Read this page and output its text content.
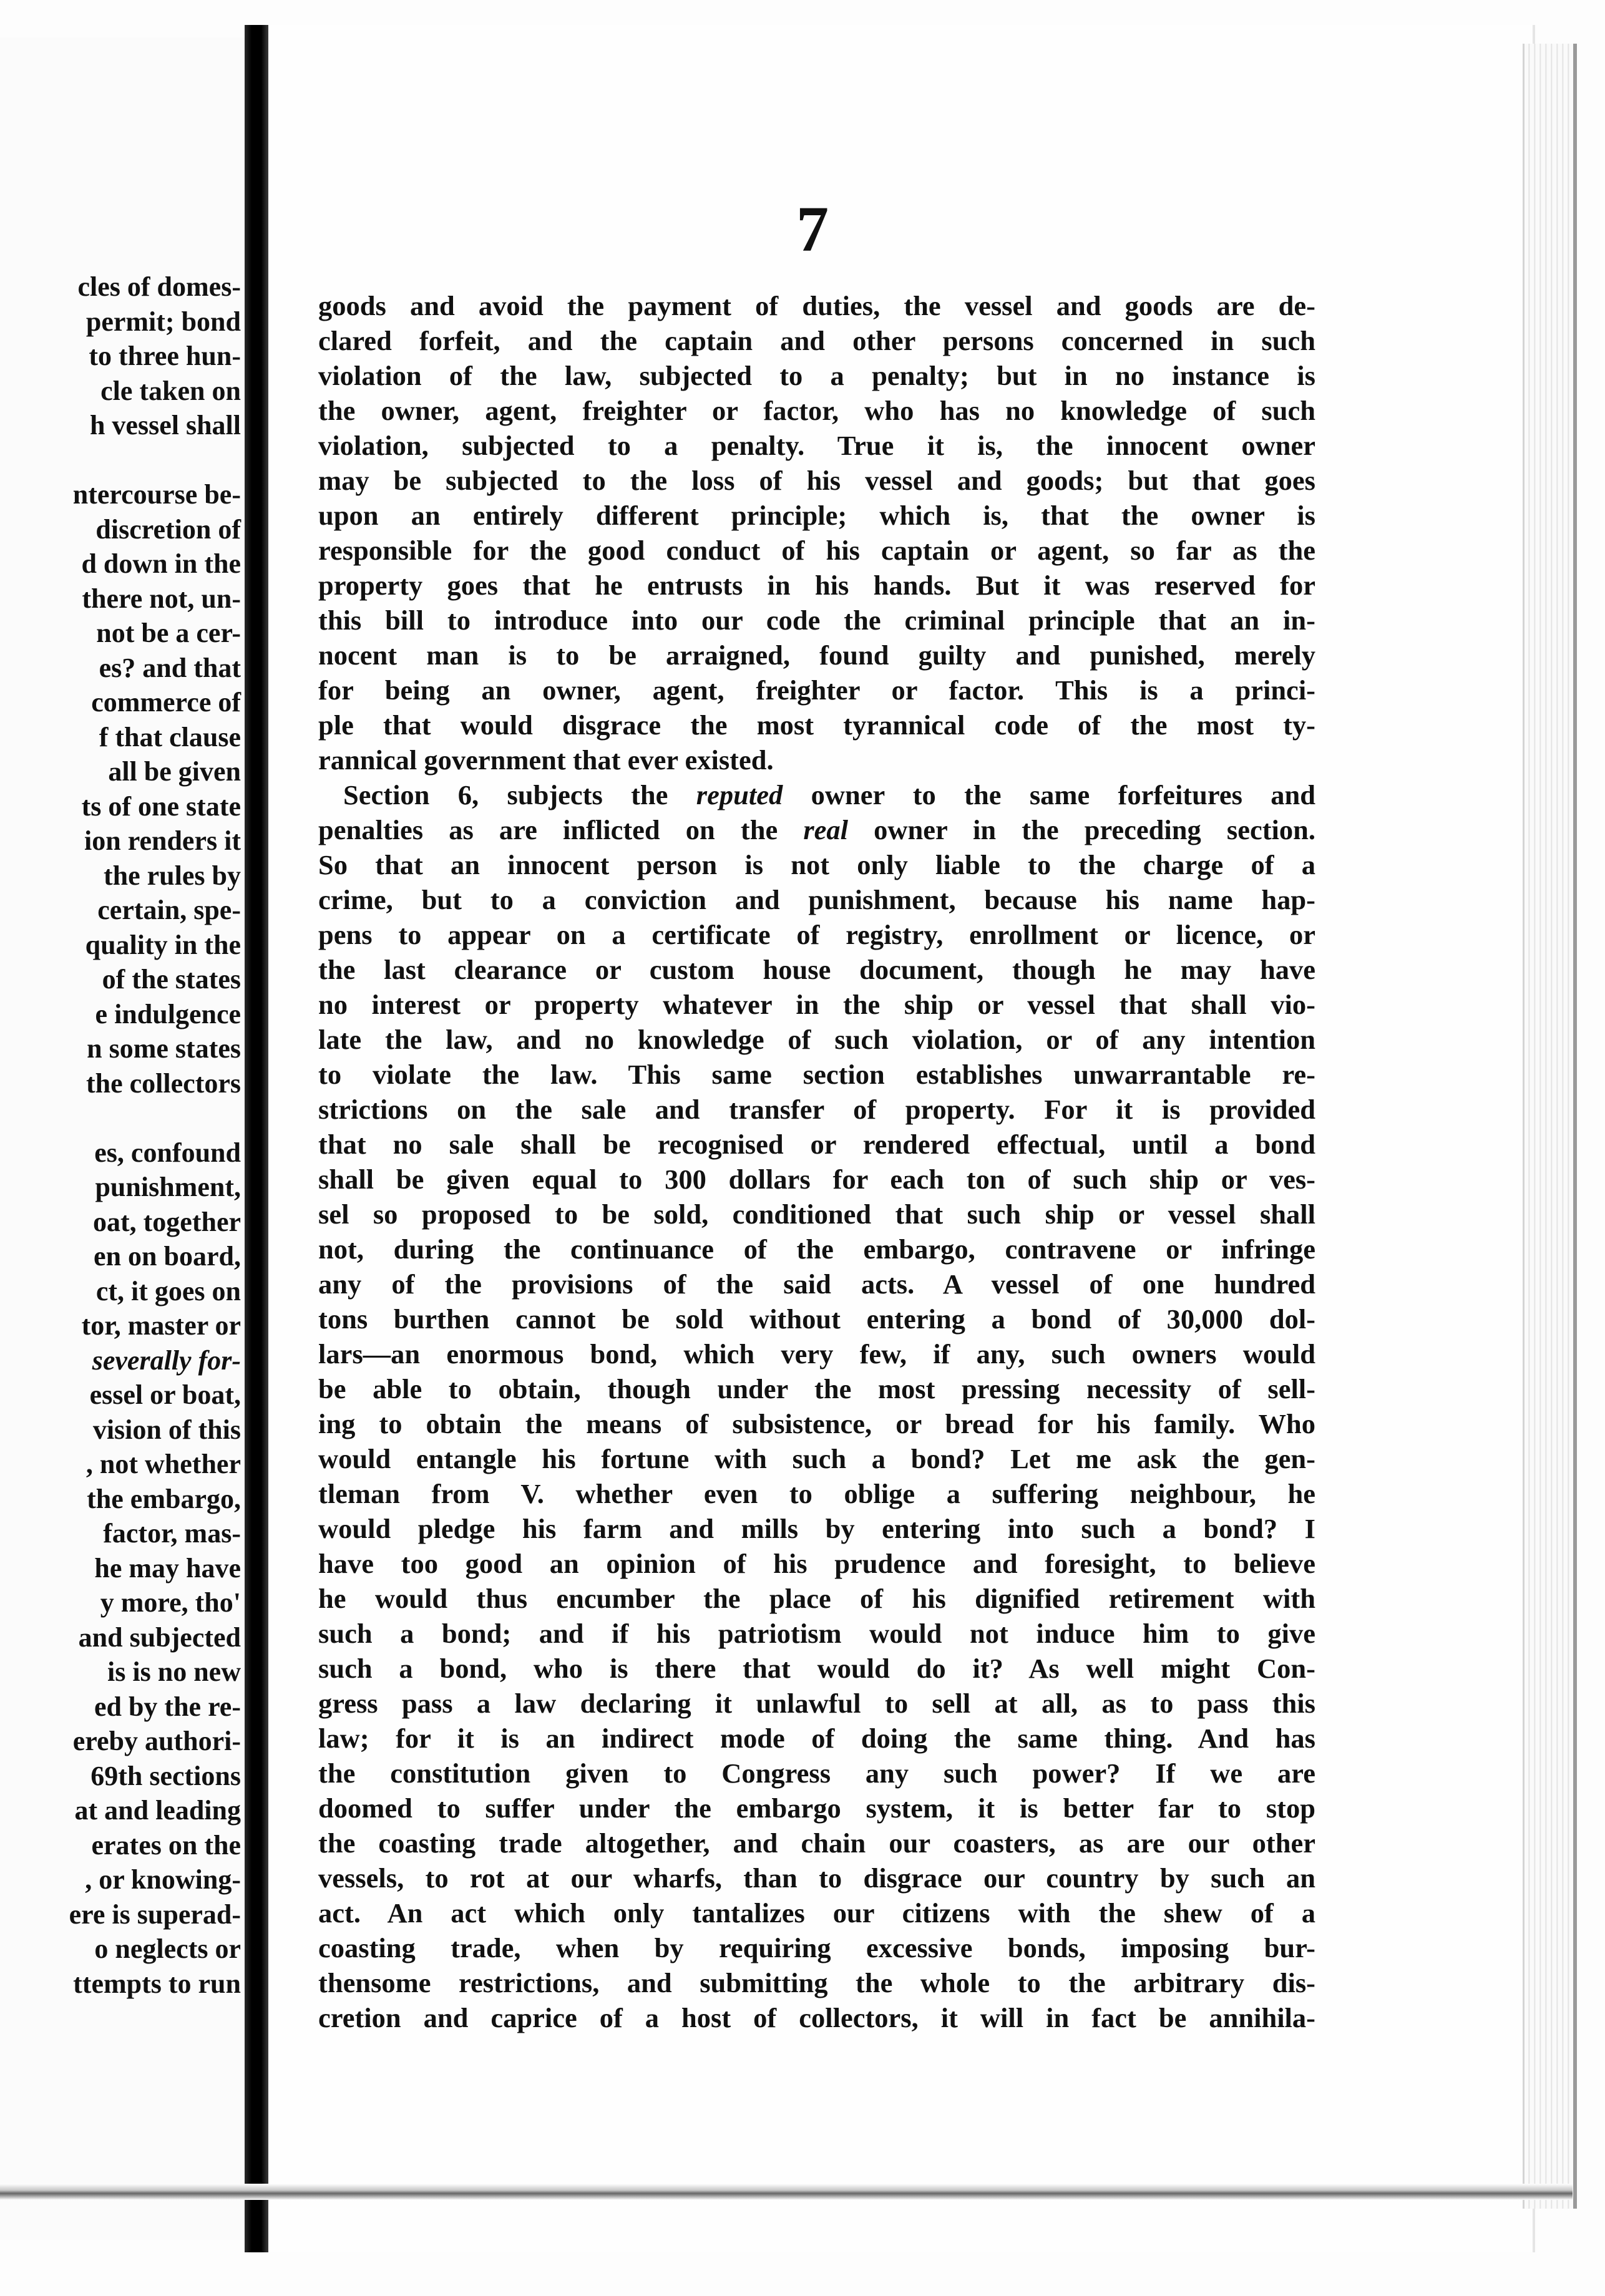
cles of domes-
permit; bond
to three hun-
cle taken on
h vessel shall
ntercourse be-
discretion of
d down in the
there not, un-
not be a cer-
es? and that
commerce of
f that clause
all be given
ts of one state
ion renders it
the rules by
certain, spe-
quality in the
of the states
e indulgence
n some states
the collectors
es, confound
punishment,
oat, together
en on board,
ct, it goes on
tor, master or
severally for-
essel or boat,
vision of this
, not whether
the embargo,
factor, mas-
he may have
y more, tho'
and subjected
is is no new
ed by the re-
ereby authori-
69th sections
at and leading
erates on the
, or knowing-
ere is superad-
o neglects or
ttempts to run
7
goods and avoid the payment of duties, the vessel and goods are de-
clared forfeit, and the captain and other persons concerned in such
violation of the law, subjected to a penalty; but in no instance is
the owner, agent, freighter or factor, who has no knowledge of such
violation, subjected to a penalty. True it is, the innocent owner
may be subjected to the loss of his vessel and goods; but that goes
upon an entirely different principle; which is, that the owner is
responsible for the good conduct of his captain or agent, so far as the
property goes that he entrusts in his hands. But it was reserved for
this bill to introduce into our code the criminal principle that an in-
nocent man is to be arraigned, found guilty and punished, merely
for being an owner, agent, freighter or factor. This is a princi-
ple that would disgrace the most tyrannical code of the most ty-
rannical government that ever existed.
Section 6, subjects the reputed owner to the same forfeitures and
penalties as are inflicted on the real owner in the preceding section.
So that an innocent person is not only liable to the charge of a
crime, but to a conviction and punishment, because his name hap-
pens to appear on a certificate of registry, enrollment or licence, or
the last clearance or custom house document, though he may have
no interest or property whatever in the ship or vessel that shall vio-
late the law, and no knowledge of such violation, or of any intention
to violate the law. This same section establishes unwarrantable re-
strictions on the sale and transfer of property. For it is provided
that no sale shall be recognised or rendered effectual, until a bond
shall be given equal to 300 dollars for each ton of such ship or ves-
sel so proposed to be sold, conditioned that such ship or vessel shall
not, during the continuance of the embargo, contravene or infringe
any of the provisions of the said acts. A vessel of one hundred
tons burthen cannot be sold without entering a bond of 30,000 dol-
lars—an enormous bond, which very few, if any, such owners would
be able to obtain, though under the most pressing necessity of sell-
ing to obtain the means of subsistence, or bread for his family. Who
would entangle his fortune with such a bond? Let me ask the gen-
tleman from V. whether even to oblige a suffering neighbour, he
would pledge his farm and mills by entering into such a bond? I
have too good an opinion of his prudence and foresight, to believe
he would thus encumber the place of his dignified retirement with
such a bond; and if his patriotism would not induce him to give
such a bond, who is there that would do it? As well might Con-
gress pass a law declaring it unlawful to sell at all, as to pass this
law; for it is an indirect mode of doing the same thing. And has
the constitution given to Congress any such power? If we are
doomed to suffer under the embargo system, it is better far to stop
the coasting trade altogether, and chain our coasters, as are our other
vessels, to rot at our wharfs, than to disgrace our country by such an
act. An act which only tantalizes our citizens with the shew of a
coasting trade, when by requiring excessive bonds, imposing bur-
thensome restrictions, and submitting the whole to the arbitrary dis-
cretion and caprice of a host of collectors, it will in fact be annihila-
